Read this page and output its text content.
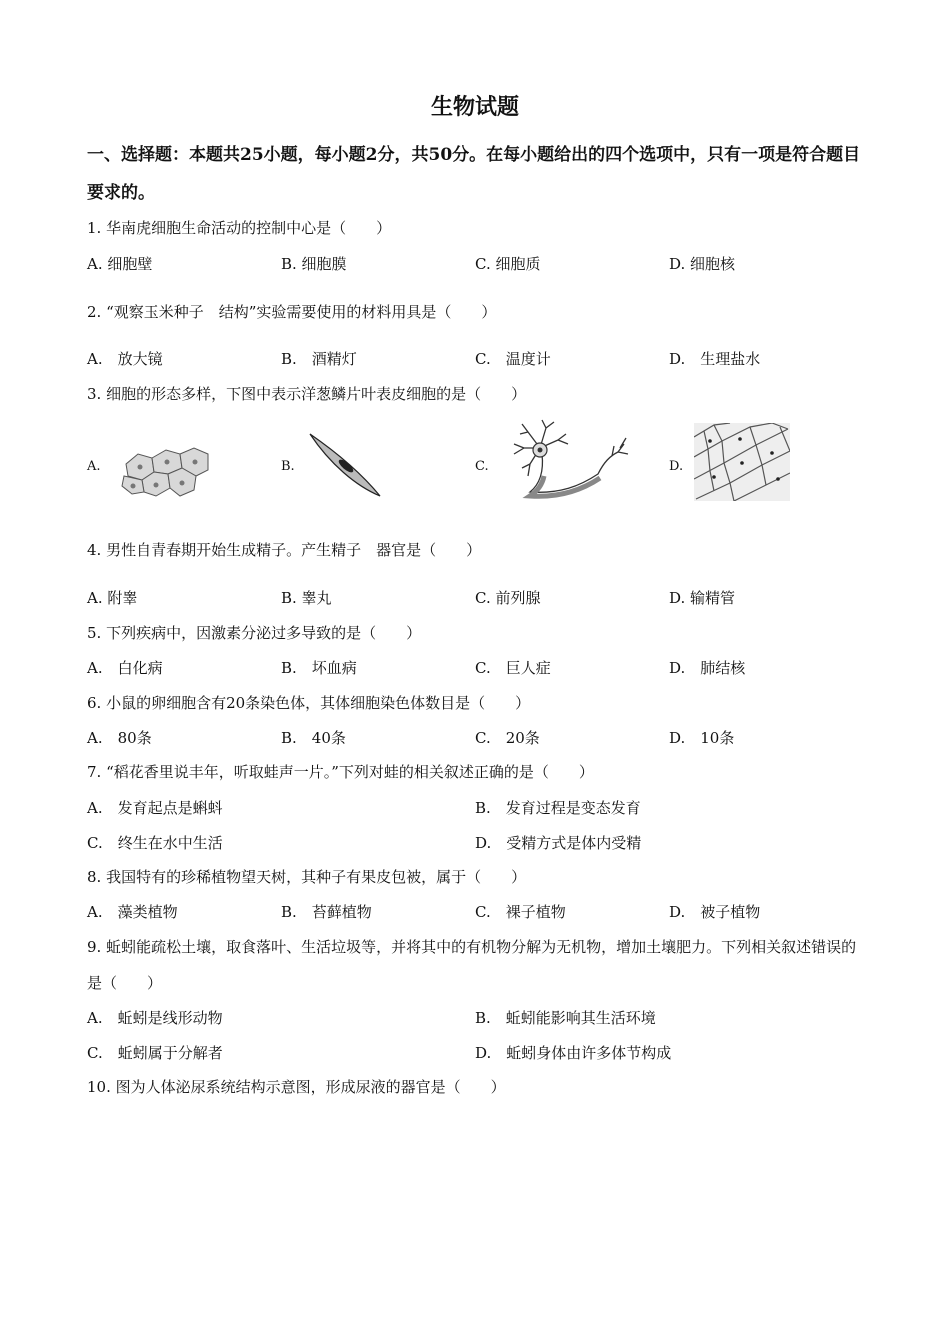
生物试题
一、选择题：本题共25小题，每小题2分，共50分。在每小题给出的四个选项中，只有一项是符合题目要求的。
1. 华南虎细胞生命活动的控制中心是（　　）
A. 细胞壁	B. 细胞膜	C. 细胞质	D. 细胞核
2. “观察玉米种子　结构”实验需要使用的材料用具是（　　）
A.　放大镜	B.　酒精灯	C.　温度计	D.　生理盐水
3. 细胞的形态多样，下图中表示洋葱鳞片叶表皮细胞的是（　　）
A.	B.	C.	D.
4. 男性自青春期开始生成精子。产生精子　器官是（　　）
A. 附睾	B. 睾丸	C. 前列腺	D. 输精管
5. 下列疾病中，因激素分泌过多导致的是（　　）
A.　白化病	B.　坏血病	C.　巨人症	D.　肺结核
6. 小鼠的卵细胞含有20条染色体，其体细胞染色体数目是（　　）
A.　80条	B.　40条	C.　20条	D.　10条
7. “稻花香里说丰年，听取蛙声一片。”下列对蛙的相关叙述正确的是（　　）
A.　发育起点是蝌蚪	B.　发育过程是变态发育
C.　终生在水中生活	D.　受精方式是体内受精
8. 我国特有的珍稀植物望天树，其种子有果皮包被，属于（　　）
A.　藻类植物	B.　苔藓植物	C.　裸子植物	D.　被子植物
9. 蚯蚓能疏松土壤，取食落叶、生活垃圾等，并将其中的有机物分解为无机物，增加土壤肥力。下列相关叙述错误的是（　　）
A.　蚯蚓是线形动物	B.　蚯蚓能影响其生活环境
C.　蚯蚓属于分解者	D.　蚯蚓身体由许多体节构成
10. 图为人体泌尿系统结构示意图，形成尿液的器官是（　　）
